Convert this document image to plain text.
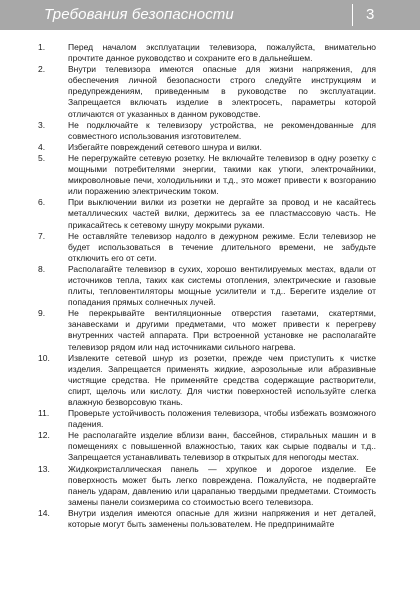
Требования безопасности	3
1.	Перед началом эксплуатации телевизора, пожалуйста, внимательно прочтите данное руководство и сохраните его в дальнейшем.
2.	Внутри телевизора имеются опасные для жизни напряжения, для обеспечения личной безопасности строго следуйте инструкциям и предупреждениям, приведенным в руководстве по эксплуатации. Запрещается включать изделие в электросеть, параметры которой отличаются от указанных в данном руководстве.
3.	Не подключайте к телевизору устройства, не рекомендованные для совместного использования изготовителем.
4.	Избегайте повреждений сетевого шнура и вилки.
5.	Не перегружайте сетевую розетку. Не включайте телевизор в одну розетку с мощными потребителями энергии, такими как утюги, электрочайники, микроволновые печи, холодильники и т.д., это может привести к возгоранию или поражению электрическим током.
6.	При выключении вилки из розетки не дергайте за провод и не касайтесь металлических частей вилки, держитесь за ее пластмассовую часть. Не прикасайтесь к сетевому шнуру мокрыми руками.
7.	Не оставляйте телевизор надолго в дежурном режиме. Если телевизор не будет использоваться в течение длительного времени, не забудьте отключить его от сети.
8.	Располагайте телевизор в сухих, хорошо вентилируемых местах, вдали от источников тепла, таких как системы отопления, электрические и газовые плиты, тепловентиляторы мощные усилители и т.д.. Берегите изделие от попадания прямых солнечных лучей.
9.	Не перекрывайте вентиляционные отверстия газетами, скатертями, занавесками и другими предметами, что может привести к перегреву внутренних частей аппарата. При встроенной установке не располагайте телевизор рядом или над источниками сильного нагрева.
10.	Извлеките сетевой шнур из розетки, прежде чем приступить к чистке изделия. Запрещается применять жидкие, аэрозольные или абразивные чистящие средства. Не применяйте средства содержащие растворители, спирт, щелочь или кислоту. Для чистки поверхностей используйте слегка влажную безворсовую ткань.
11.	Проверьте устойчивость положения телевизора, чтобы избежать возможного падения.
12.	Не располагайте изделие вблизи ванн, бассейнов, стиральных машин и в помещениях с повышенной влажностью, таких как сырые подвалы и т.д.. Запрещается устанавливать телевизор в открытых для непогоды местах.
13.	Жидкокристаллическая панель — хрупкое и дорогое изделие. Ее поверхность может быть легко повреждена. Пожалуйста, не подвергайте панель ударам, давлению или царапанью твердыми предметами. Стоимость замены панели соизмерима со стоимостью всего телевизора.
14.	Внутри изделия имеются опасные для жизни напряжения и нет деталей, которые могут быть заменены пользователем. Не предпринимайте
